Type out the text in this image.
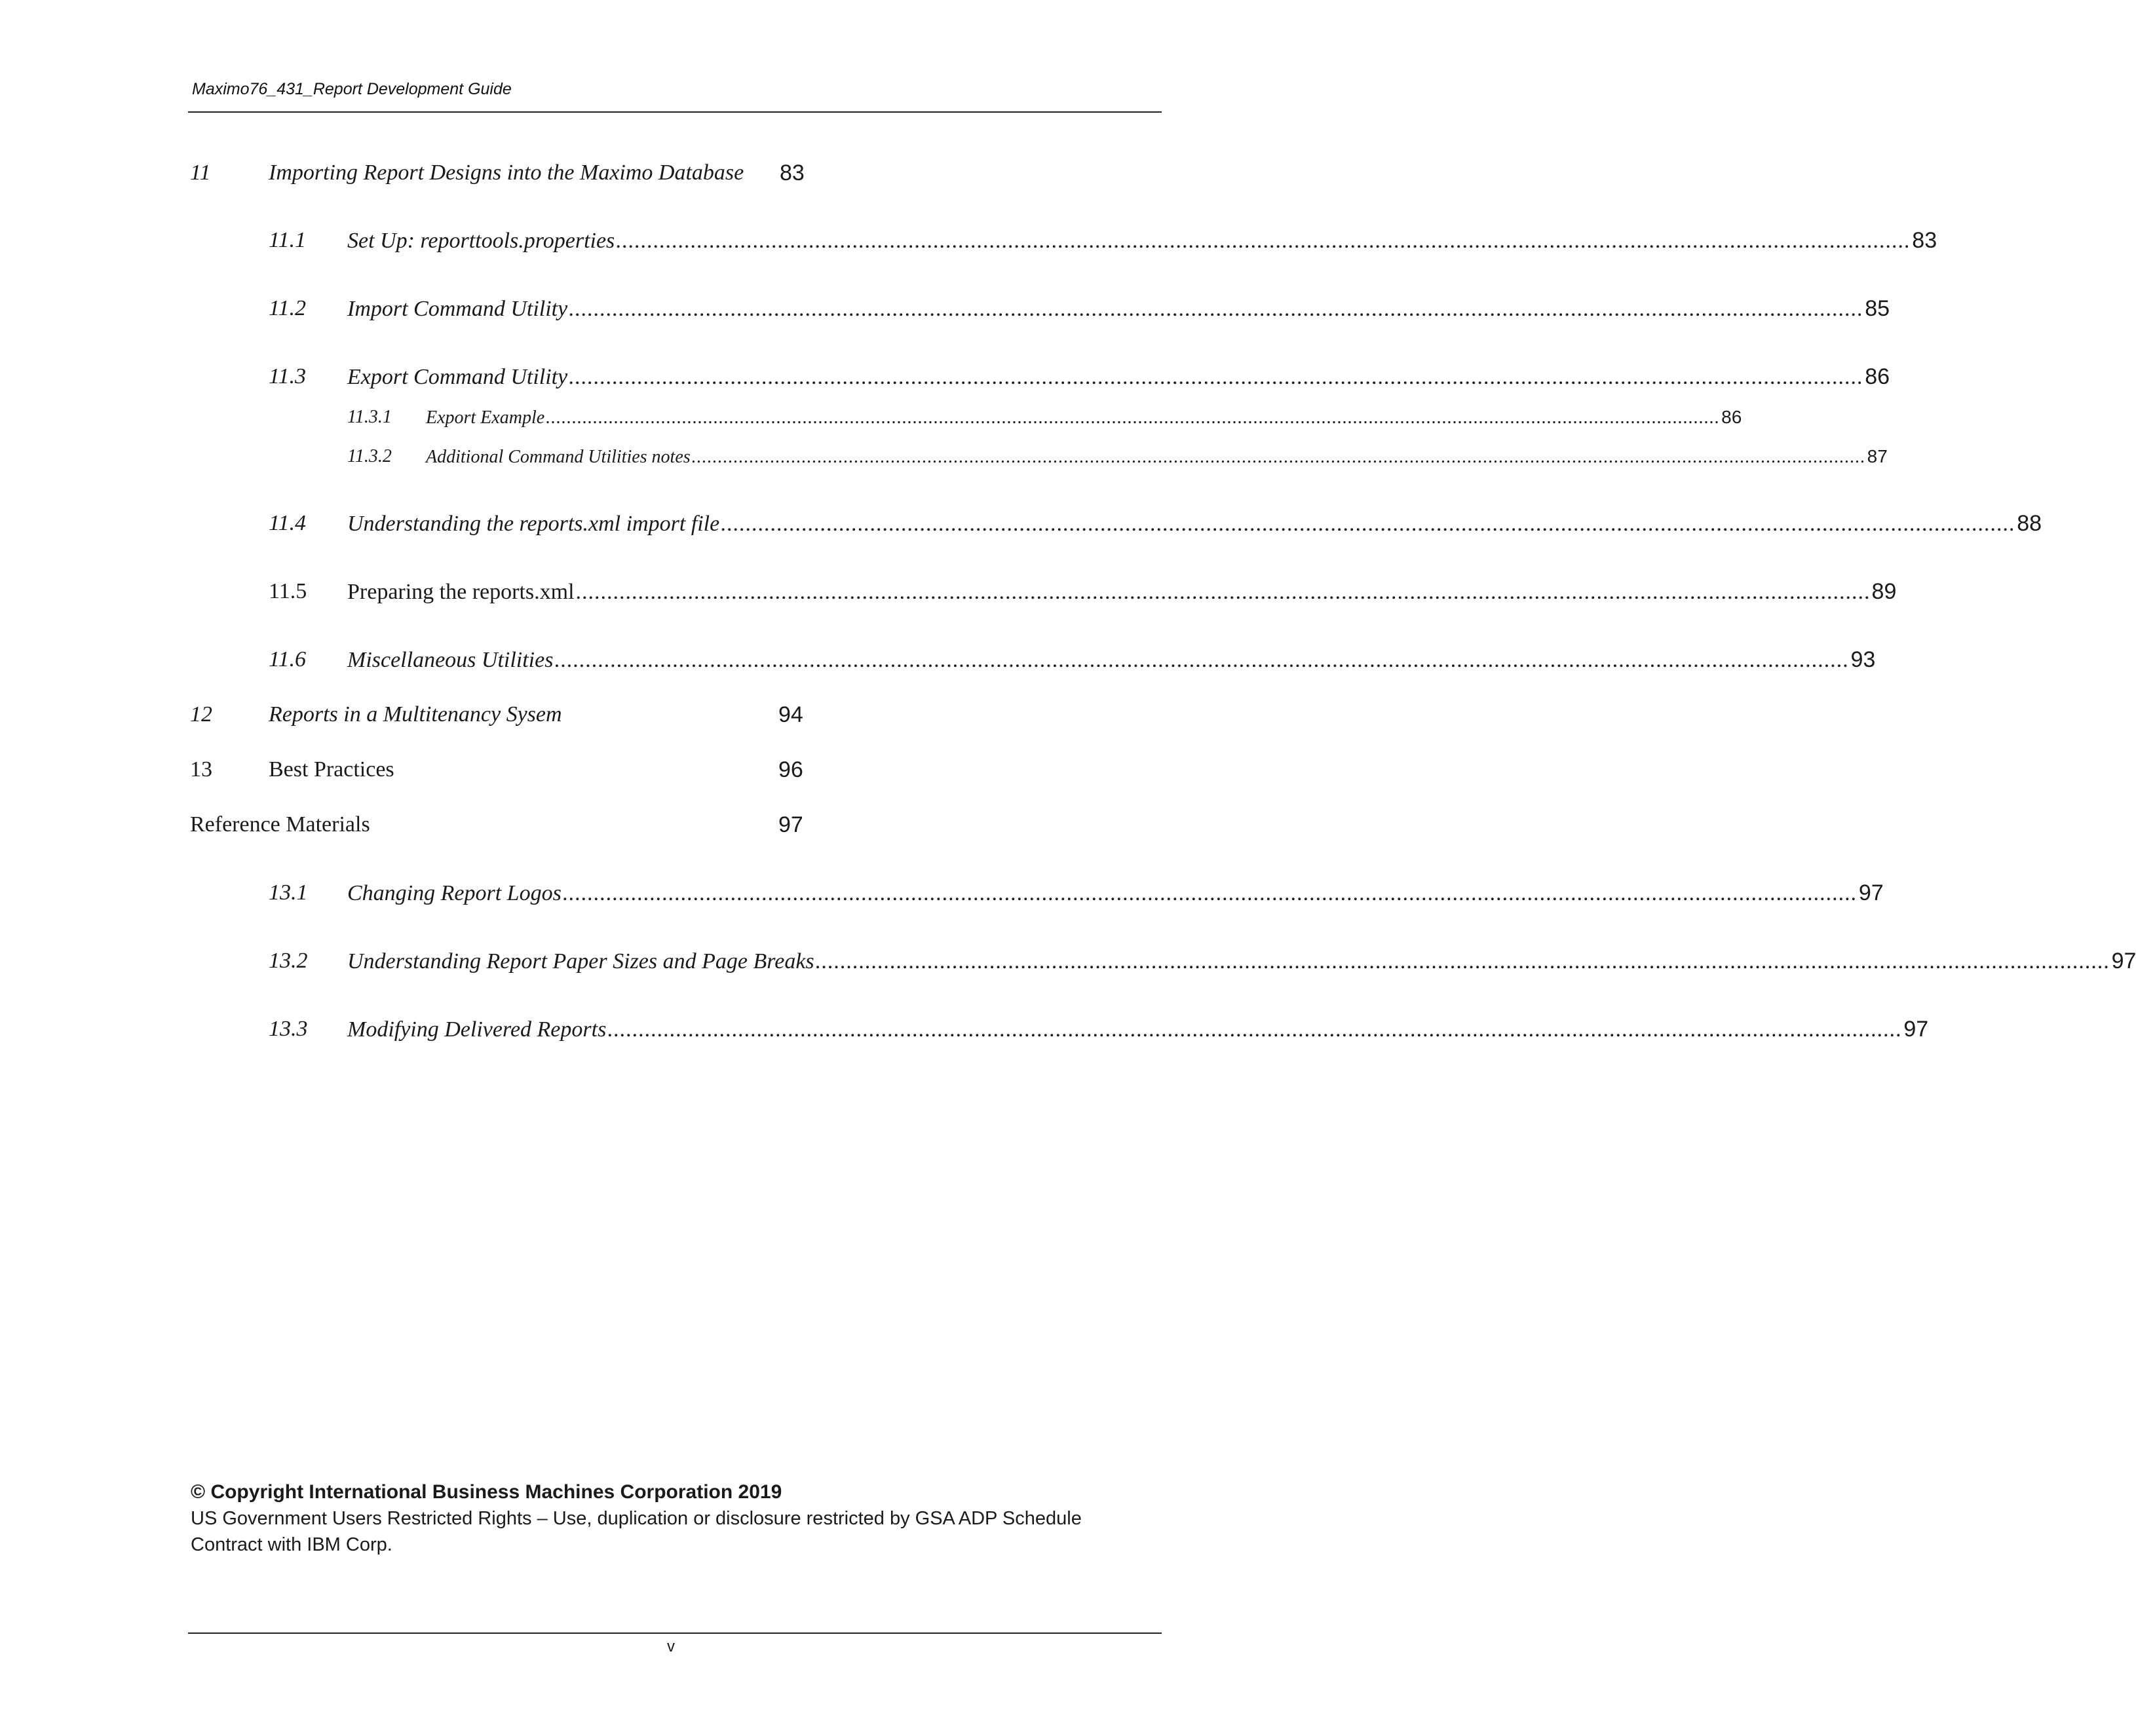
Maximo76_431_Report Development Guide
11	Importing Report Designs into the Maximo Database 83
11.1 Set Up: reporttools.properties ................................................................................................................................................................................................................ 83
11.2 Import Command Utility ................................................................................................................................................................................................................ 85
11.3 Export Command Utility ................................................................................................................................................................................................................ 86
11.3.1 Export Example ................................................................................................................................................................................................................................ 86
11.3.2 Additional Command Utilities notes ................................................................................................................................................................................................................................ 87
11.4 Understanding the reports.xml import file ................................................................................................................................................................................................................ 88
11.5 Preparing the reports.xml ................................................................................................................................................................................................................ 89
11.6 Miscellaneous Utilities ................................................................................................................................................................................................................ 93
12	Reports in a Multitenancy Sysem	94
13	Best Practices	96
Reference Materials	97
13.1 Changing Report Logos ................................................................................................................................................................................................................ 97
13.2 Understanding Report Paper Sizes and Page Breaks ................................................................................................................................................................................................................ 97
13.3 Modifying Delivered Reports ................................................................................................................................................................................................................ 97
© Copyright International Business Machines Corporation 2019
US Government Users Restricted Rights – Use, duplication or disclosure restricted by GSA ADP Schedule
Contract with IBM Corp.
v
